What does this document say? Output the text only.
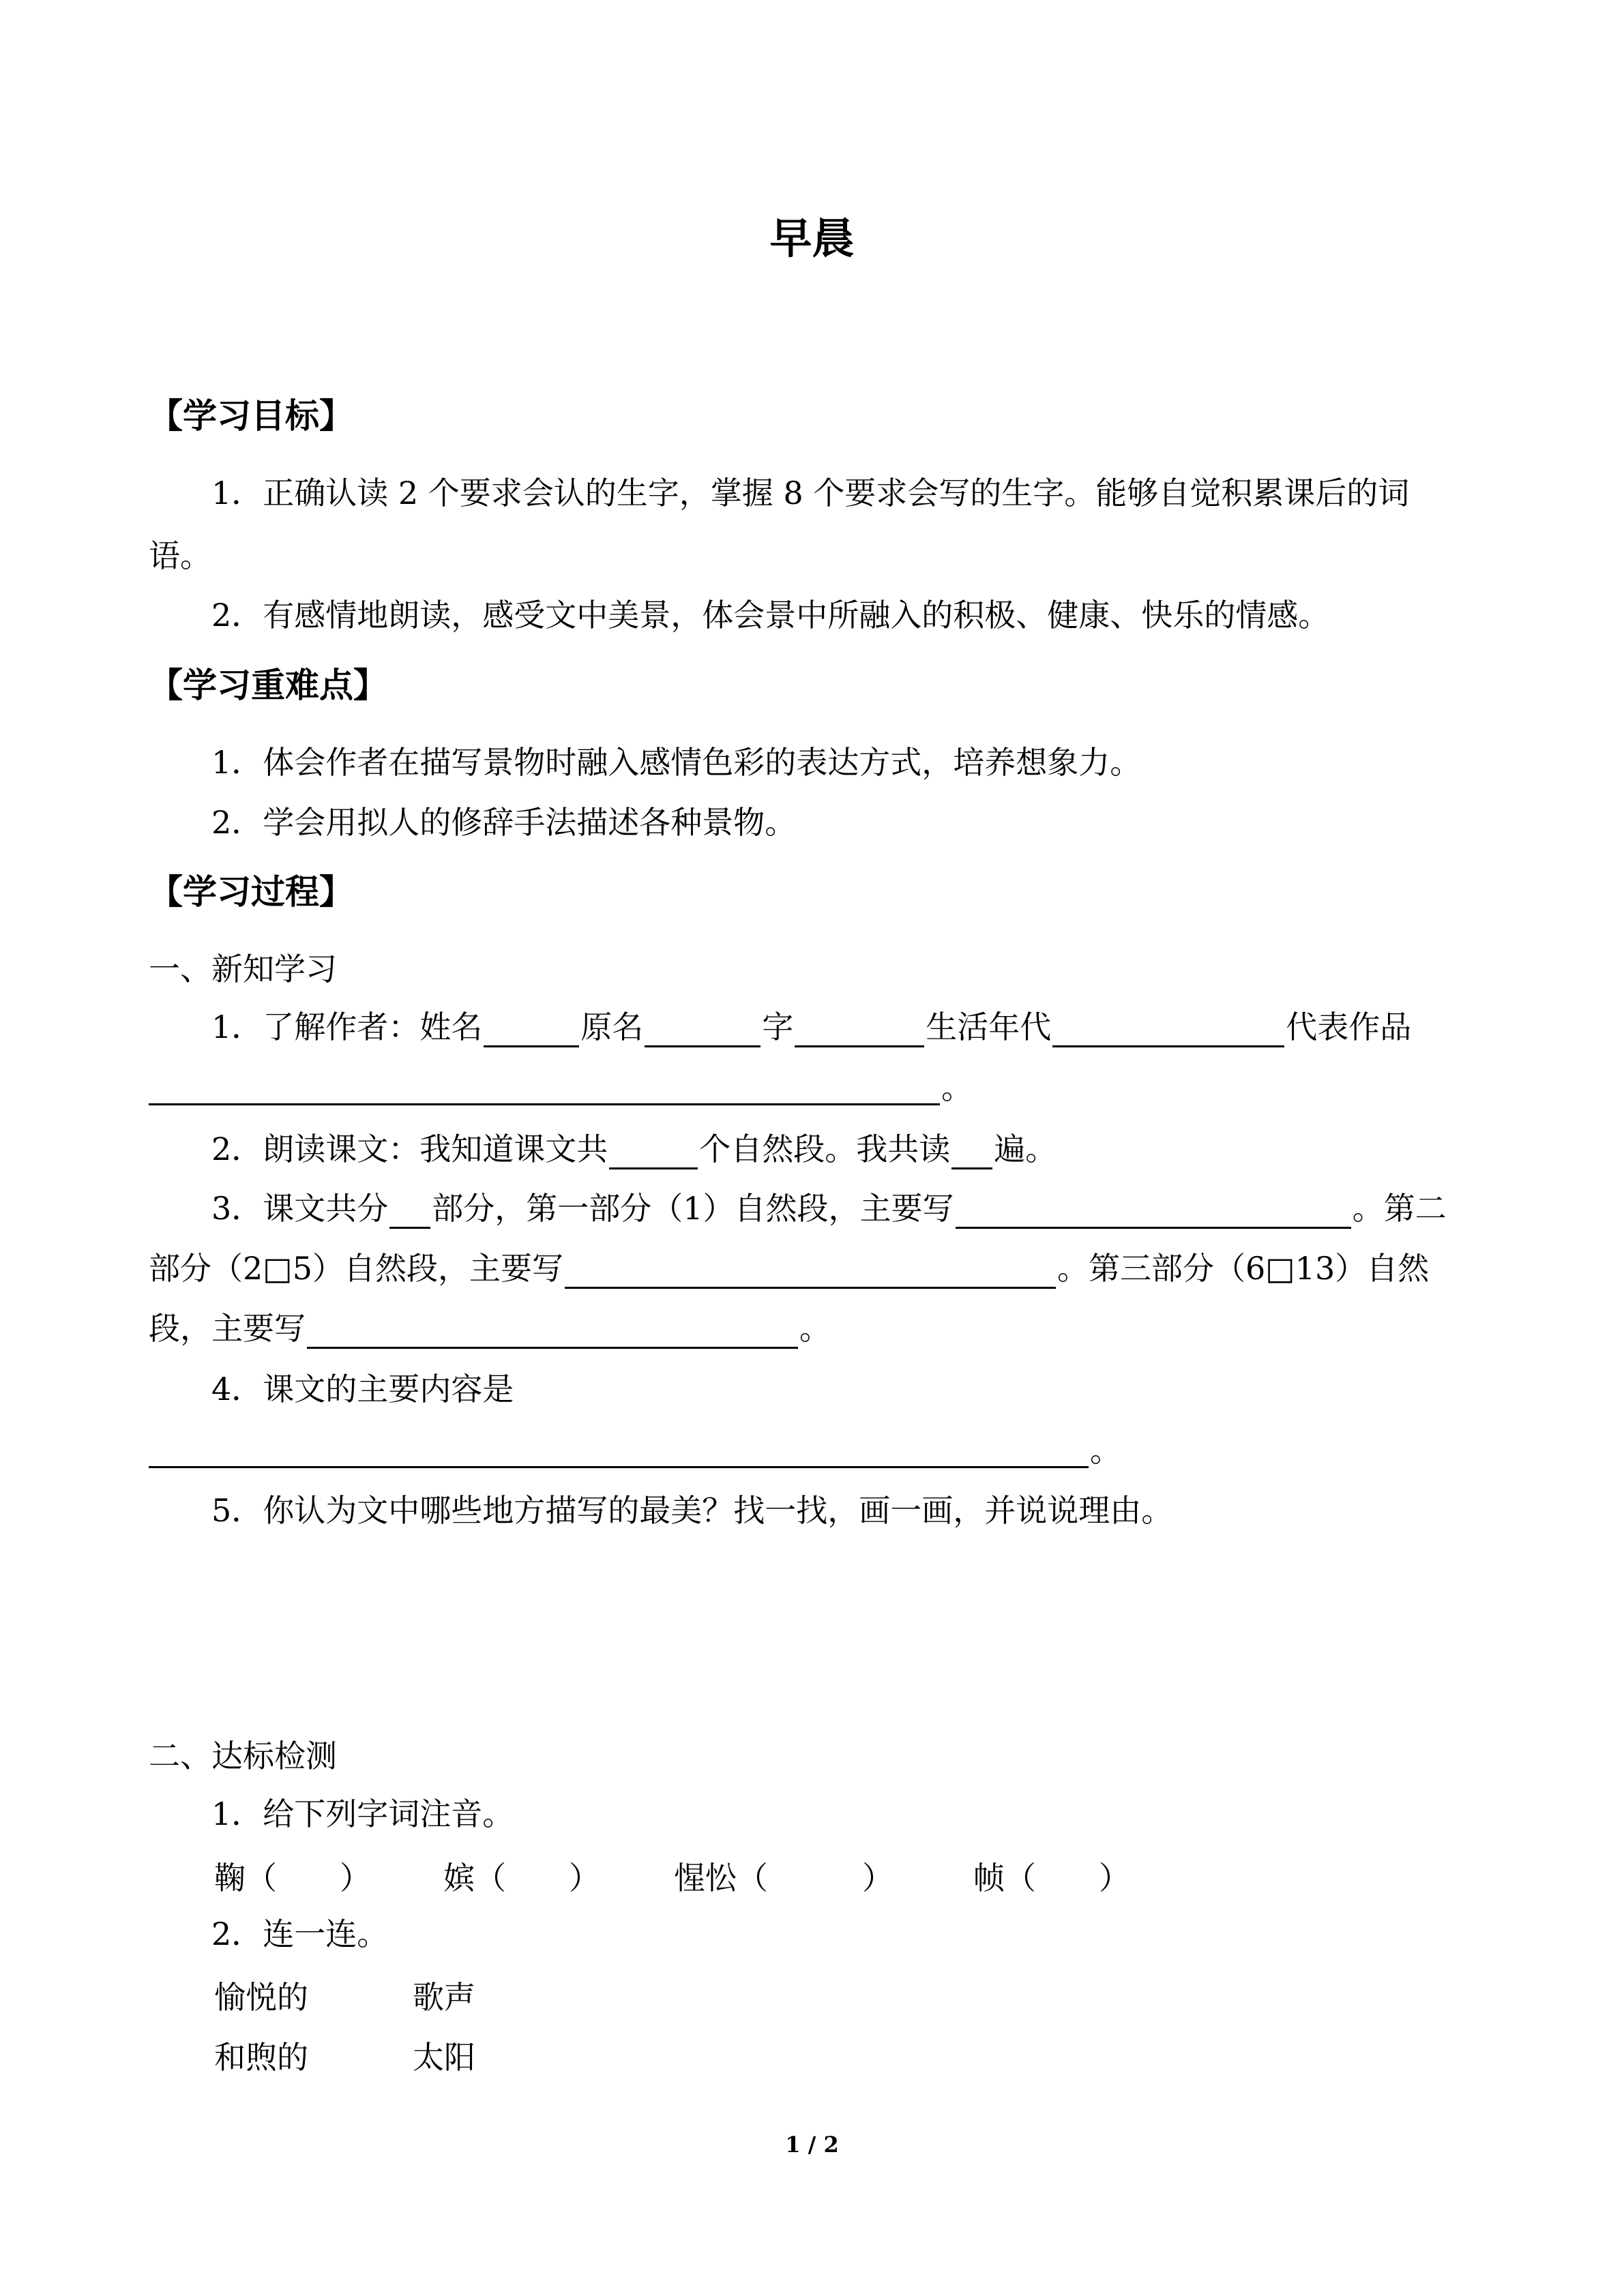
早晨
【学习目标】
1．正确认读 2 个要求会认的生字，掌握 8 个要求会写的生字。能够自觉积累课后的词
语。
2．有感情地朗读，感受文中美景，体会景中所融入的积极、健康、快乐的情感。
【学习重难点】
1．体会作者在描写景物时融入感情色彩的表达方式，培养想象力。
2．学会用拟人的修辞手法描述各种景物。
【学习过程】
一、新知学习
1．了解作者：姓名	原名	字	生活年代	代表作品
。
2．朗读课文：我知道课文共	个自然段。我共读 遍。
3．课文共分 部分，第一部分（1）自然段，主要写	。第二
部分（2□5）自然段，主要写	。第三部分（6□13）自然
段，主要写	。
4．课文的主要内容是
。
5．你认为文中哪些地方描写的最美？找一找，画一画，并说说理由。
二、达标检测
1．给下列字词注音。
鞠（　　） 嫔（　　） 惺忪（　　　）	帧（　　）
2．连一连。
愉悦的	歌声
和煦的	太阳
1 / 2
